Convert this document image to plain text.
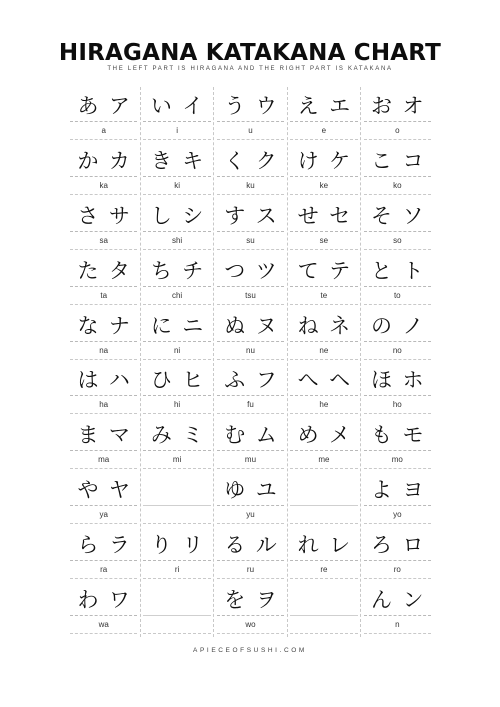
HIRAGANA KATAKANA CHART
THE LEFT PART IS HIRAGANA AND THE RIGHT PART IS KATAKANA
あ ア
a
い イ
i
う ウ
u
え エ
e
お オ
o
か カ
ka
き キ
ki
く ク
ku
け ケ
ke
こ コ
ko
さ サ
sa
し シ
shi
す ス
su
せ セ
se
そ ソ
so
た タ
ta
ち チ
chi
つ ツ
tsu
て テ
te
と ト
to
な ナ
na
に ニ
ni
ぬ ヌ
nu
ね ネ
ne
の ノ
no
は ハ
ha
ひ ヒ
hi
ふ フ
fu
へ ヘ
he
ほ ホ
ho
ま マ
ma
み ミ
mi
む ム
mu
め メ
me
も モ
mo
や ヤ
ya
ゆ ユ
yu
よ ヨ
yo
ら ラ
ra
り リ
ri
る ル
ru
れ レ
re
ろ ロ
ro
わ ワ
wa
を ヲ
wo
ん ン
n
APIECEOFSUSHI.COM
